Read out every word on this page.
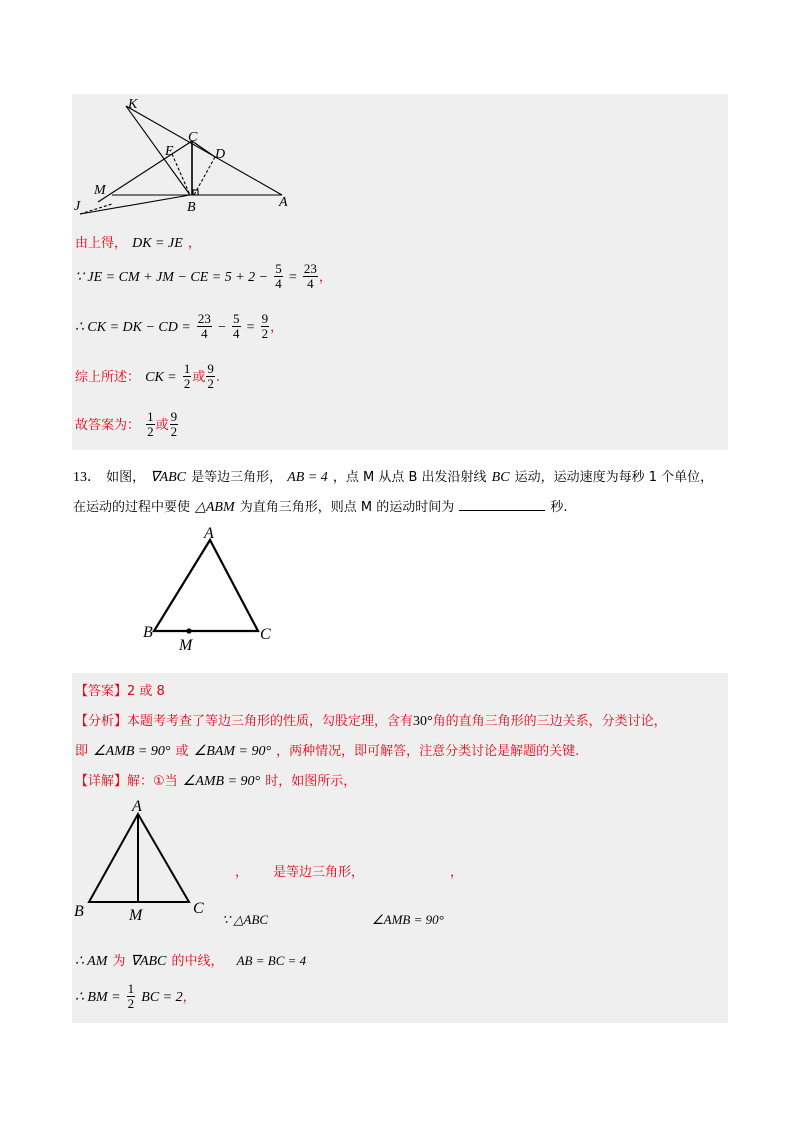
K
C
E	D
M
J	B	A
由上得， DK = JE ，
∵ JE = CM + JM − CE = $5 + 2 - \frac{5}{4} = \frac{23}{4}$ ，
∴ CK = DK − CD = $\frac{23}{4} - \frac{5}{4} = \frac{9}{2}$ ，
综上所述： CK = $\frac{1}{2}$ 或 $\frac{9}{2}$ .
故答案为： $\frac{1}{2}$ 或 $\frac{9}{2}$
13． 如图， ∇ABC 是等边三角形， AB = 4 ，点 M 从点 B 出发沿射线 BC 运动，运动速度为每秒 1 个单位，
在运动的过程中要使 △ABM 为直角三角形，则点 M 的运动时间为	秒.
A
B
M
C
【答案】2 或 8
【分析】本题考考查了等边三角形的性质，勾股定理，含有30°角的直角三角形的三边关系，分类讨论，
即 ∠AMB = 90° 或 ∠BAM = 90° ，两种情况，即可解答，注意分类讨论是解题的关键.
【详解】解：①当 ∠AMB = 90° 时，如图所示，
A
B	M	C
， 是等边三角形，	，
∵ △ABC	∠AMB = 90°
∴ AM 为 ∇ABC 的中线， AB = BC = 4
∴ BM = $\frac{1}{2}$ BC = 2，
